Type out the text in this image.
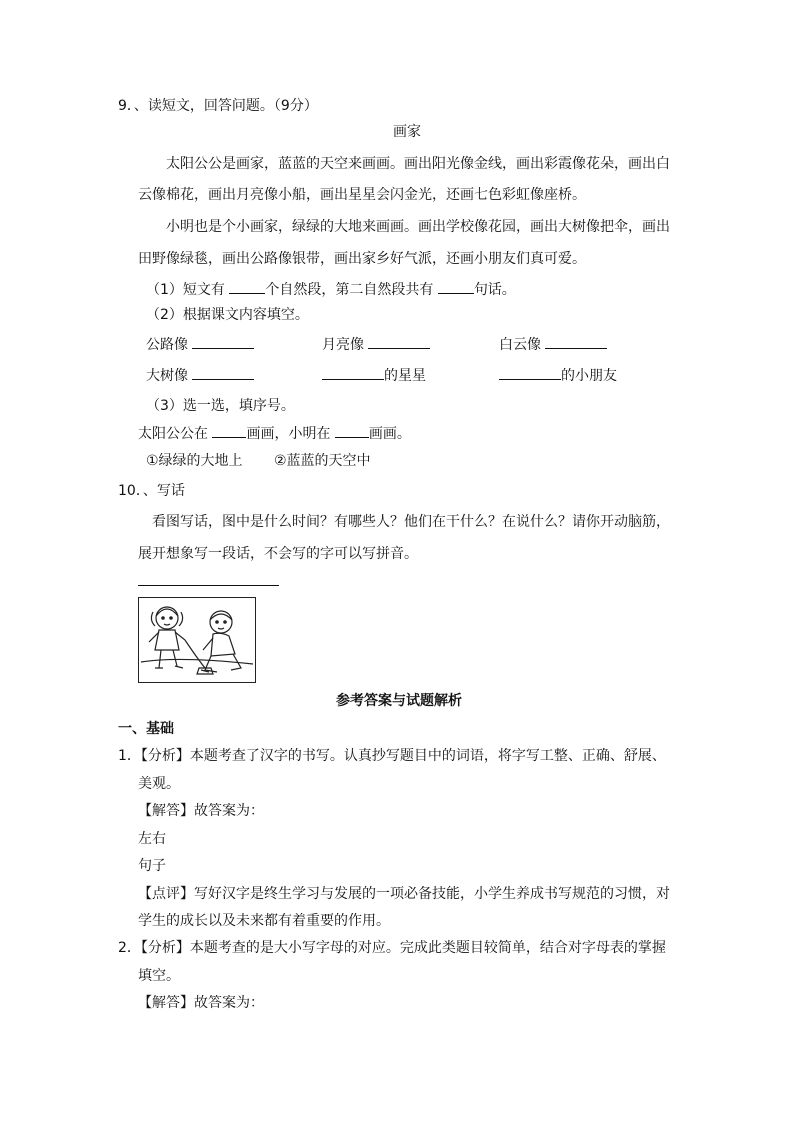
9．、读短文，回答问题。（9分）
画家
太阳公公是画家，蓝蓝的天空来画画。画出阳光像金线，画出彩霞像花朵，画出白
云像棉花，画出月亮像小船，画出星星会闪金光，还画七色彩虹像座桥。
小明也是个小画家，绿绿的大地来画画。画出学校像花园，画出大树像把伞，画出
田野像绿毯，画出公路像银带，画出家乡好气派，还画小朋友们真可爱。
（1）短文有	个自然段，第二自然段共有	句话。
（2）根据课文内容填空。
公路像	月亮像	白云像
大树像	的星星	的小朋友
（3）选一选，填序号。
太阳公公在 画画，小明在 画画。
①绿绿的大地上 ②蓝蓝的天空中
10．、写话
看图写话，图中是什么时间？有哪些人？他们在干什么？在说什么？请你开动脑筋，
展开想象写一段话，不会写的字可以写拼音。
参考答案与试题解析
一、基础
1．【分析】本题考查了汉字的书写。认真抄写题目中的词语，将字写工整、正确、舒展、
美观。
【解答】故答案为：
左右
句子
【点评】写好汉字是终生学习与发展的一项必备技能，小学生养成书写规范的习惯，对
学生的成长以及未来都有着重要的作用。
2．【分析】本题考查的是大小写字母的对应。完成此类题目较简单，结合对字母表的掌握
填空。
【解答】故答案为：
